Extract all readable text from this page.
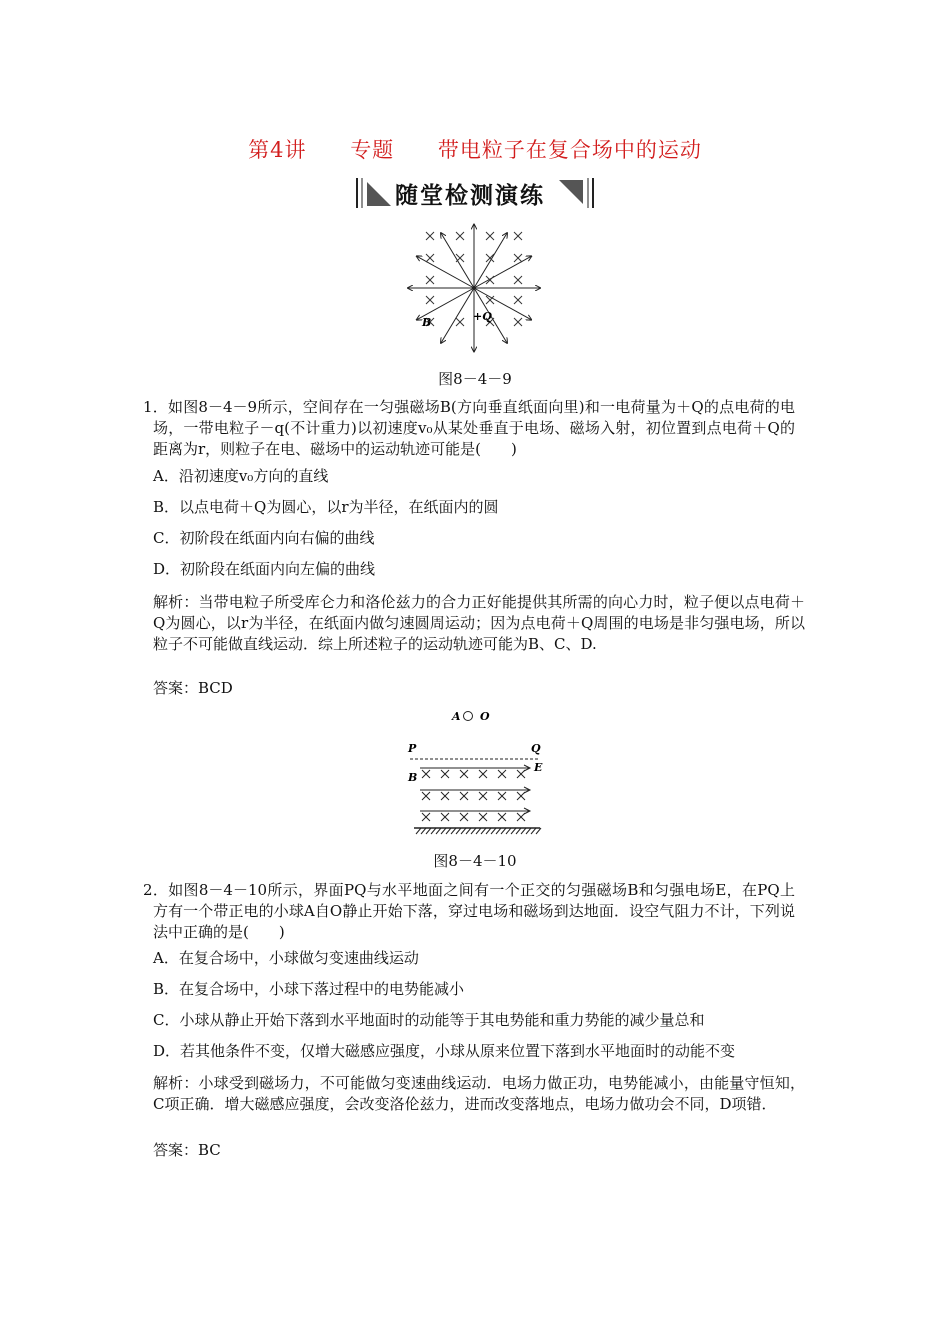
第4讲 专题 带电粒子在复合场中的运动
随堂检测演练
B	+Q
图8－4－9
1．如图8－4－9所示，空间存在一匀强磁场B(方向垂直纸面向里)和一电荷量为＋Q的点电荷的电场，一带电粒子－q(不计重力)以初速度v₀从某处垂直于电场、磁场入射，初位置到点电荷＋Q的距离为r，则粒子在电、磁场中的运动轨迹可能是(　　)
A．沿初速度v₀方向的直线
B．以点电荷＋Q为圆心，以r为半径，在纸面内的圆
C．初阶段在纸面内向右偏的曲线
D．初阶段在纸面内向左偏的曲线
解析：当带电粒子所受库仑力和洛伦兹力的合力正好能提供其所需的向心力时，粒子便以点电荷＋Q为圆心，以r为半径，在纸面内做匀速圆周运动；因为点电荷＋Q周围的电场是非匀强电场，所以粒子不可能做直线运动．综上所述粒子的运动轨迹可能为B、C、D.
答案：BCD
A O
P	Q
B
E
图8－4－10
2．如图8－4－10所示，界面PQ与水平地面之间有一个正交的匀强磁场B和匀强电场E，在PQ上方有一个带正电的小球A自O静止开始下落，穿过电场和磁场到达地面．设空气阻力不计，下列说法中正确的是(　　)
A．在复合场中，小球做匀变速曲线运动
B．在复合场中，小球下落过程中的电势能减小
C．小球从静止开始下落到水平地面时的动能等于其电势能和重力势能的减少量总和
D．若其他条件不变，仅增大磁感应强度，小球从原来位置下落到水平地面时的动能不变
解析：小球受到磁场力，不可能做匀变速曲线运动．电场力做正功，电势能减小，由能量守恒知，C项正确．增大磁感应强度，会改变洛伦兹力，进而改变落地点，电场力做功会不同，D项错．
答案：BC
